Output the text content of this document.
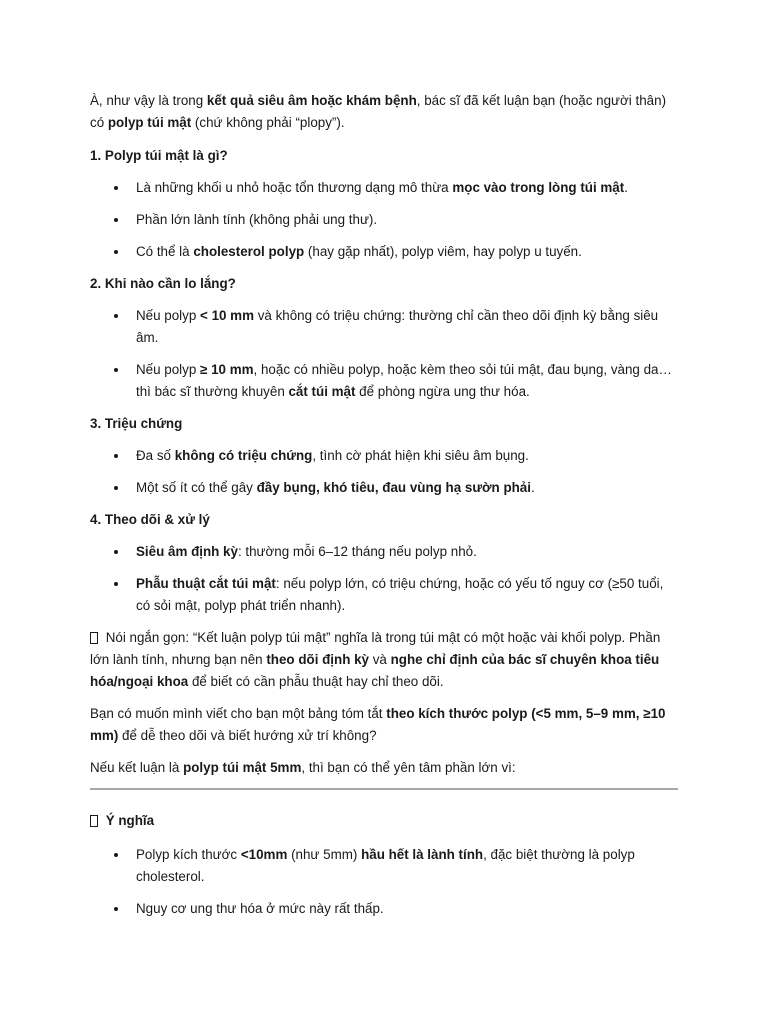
À, như vậy là trong kết quả siêu âm hoặc khám bệnh, bác sĩ đã kết luận bạn (hoặc người thân) có polyp túi mật (chứ không phải “plopy”).

1. Polyp túi mật là gì?
Là những khối u nhỏ hoặc tổn thương dạng mô thừa mọc vào trong lòng túi mật.
Phần lớn lành tính (không phải ung thư).
Có thể là cholesterol polyp (hay gặp nhất), polyp viêm, hay polyp u tuyến.
2. Khi nào cần lo lắng?
Nếu polyp < 10 mm và không có triệu chứng: thường chỉ cần theo dõi định kỳ bằng siêu âm.
Nếu polyp ≥ 10 mm, hoặc có nhiều polyp, hoặc kèm theo sỏi túi mật, đau bụng, vàng da… thì bác sĩ thường khuyên cắt túi mật để phòng ngừa ung thư hóa.
3. Triệu chứng
Đa số không có triệu chứng, tình cờ phát hiện khi siêu âm bụng.
Một số ít có thể gây đầy bụng, khó tiêu, đau vùng hạ sườn phải.
4. Theo dõi & xử lý
Siêu âm định kỳ: thường mỗi 6–12 tháng nếu polyp nhỏ.
Phẫu thuật cắt túi mật: nếu polyp lớn, có triệu chứng, hoặc có yếu tố nguy cơ (≥50 tuổi, có sỏi mật, polyp phát triển nhanh).

Nói ngắn gọn: “Kết luận polyp túi mật” nghĩa là trong túi mật có một hoặc vài khối polyp. Phần lớn lành tính, nhưng bạn nên theo dõi định kỳ và nghe chỉ định của bác sĩ chuyên khoa tiêu hóa/ngoại khoa để biết có cần phẫu thuật hay chỉ theo dõi.

Bạn có muốn mình viết cho bạn một bảng tóm tắt theo kích thước polyp (<5 mm, 5–9 mm, ≥10 mm) để dễ theo dõi và biết hướng xử trí không?

Nếu kết luận là polyp túi mật 5mm, thì bạn có thể yên tâm phần lớn vì:

Ý nghĩa
Polyp kích thước <10mm (như 5mm) hầu hết là lành tính, đặc biệt thường là polyp cholesterol.
Nguy cơ ung thư hóa ở mức này rất thấp.
